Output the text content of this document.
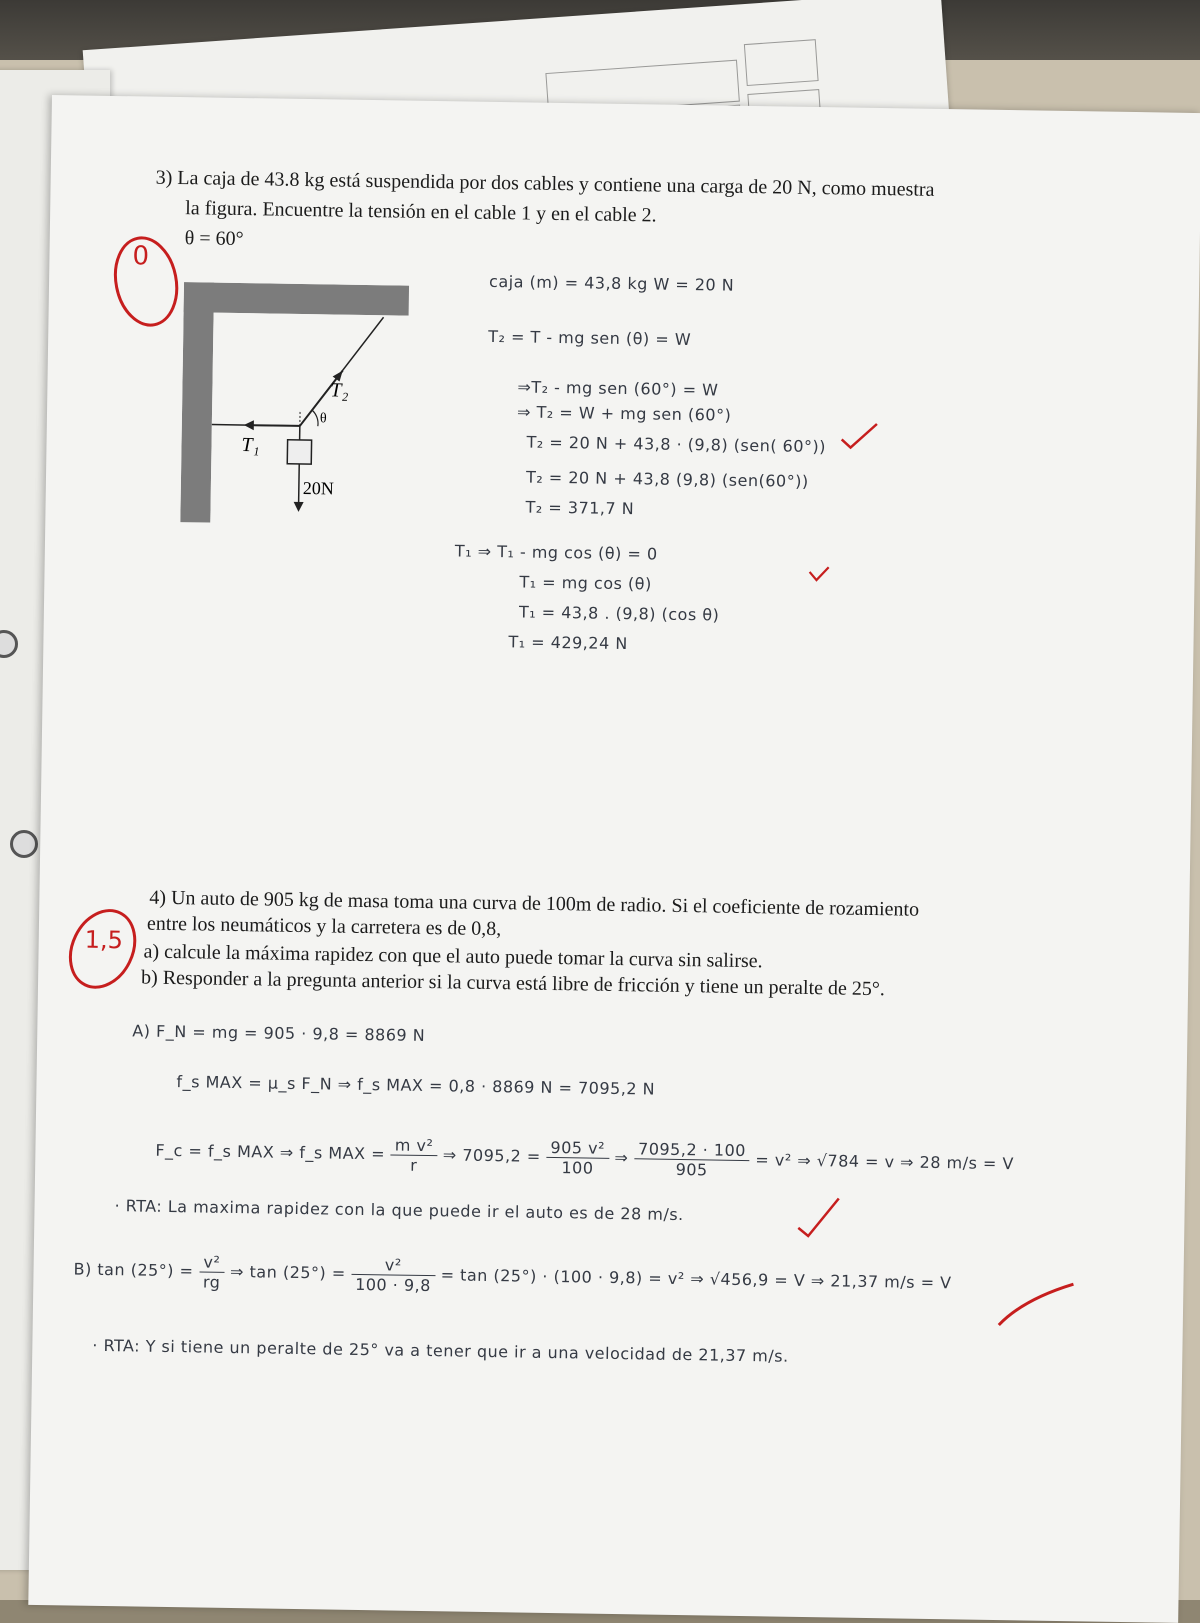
3) La caja de 43.8 kg está suspendida por dos cables y contiene una carga de 20 N, como muestra
la figura. Encuentre la tensión en el cable 1 y en el cable 2.
θ = 60°
0
T₂
θ
T₁
20N
caja (m) = 43,8 kg W = 20 N
T₂ = T - mg sen (θ) = W
⇒T₂ - mg sen (60°) = W
⇒ T₂ = W + mg sen (60°)
T₂ = 20 N + 43,8 · (9,8) (sen( 60°))
T₂ = 20 N + 43,8 (9,8) (sen(60°))
T₂ = 371,7 N
T₁ ⇒ T₁ - mg cos (θ) = 0
T₁ = mg cos (θ)
T₁ = 43,8 . (9,8) (cos θ)
T₁ = 429,24 N
4) Un auto de 905 kg de masa toma una curva de 100m de radio. Si el coeficiente de rozamiento
entre los neumáticos y la carretera es de 0,8,
a) calcule la máxima rapidez con que el auto puede tomar la curva sin salirse.
b) Responder a la pregunta anterior si la curva está libre de fricción y tiene un peralte de 25°.
1,5
A) F_N = mg = 905 · 9,8 = 8869 N
f_s MAX = μ_s F_N ⇒ f_s MAX = 0,8 · 8869 N = 7095,2 N
F_c = f_s MAX ⇒ f_s MAX = $\frac{\text{m v²}}{r}$ ⇒ $7095,2 = \frac{\text{905 v²}}{100}$ ⇒ $\frac{7095,2 \cdot 100}{905} = v^2$ ⇒ √784 = v ⇒ 28 m/s = V
· RTA: La maxima rapidez con la que puede ir el auto es de 28 m/s.
B) $\tan (25^\circ) = \frac{\text{v²}}{rg}$ ⇒ $\tan (25^\circ) = \frac{\text{v²}}{100 \cdot 9,8} = \tan (25^\circ) \cdot (100 \cdot 9,8) = v^2$ ⇒ √456,9 = V ⇒ 21,37 m/s = V
· RTA: Y si tiene un peralte de 25° va a tener que ir a una velocidad de 21,37 m/s.
